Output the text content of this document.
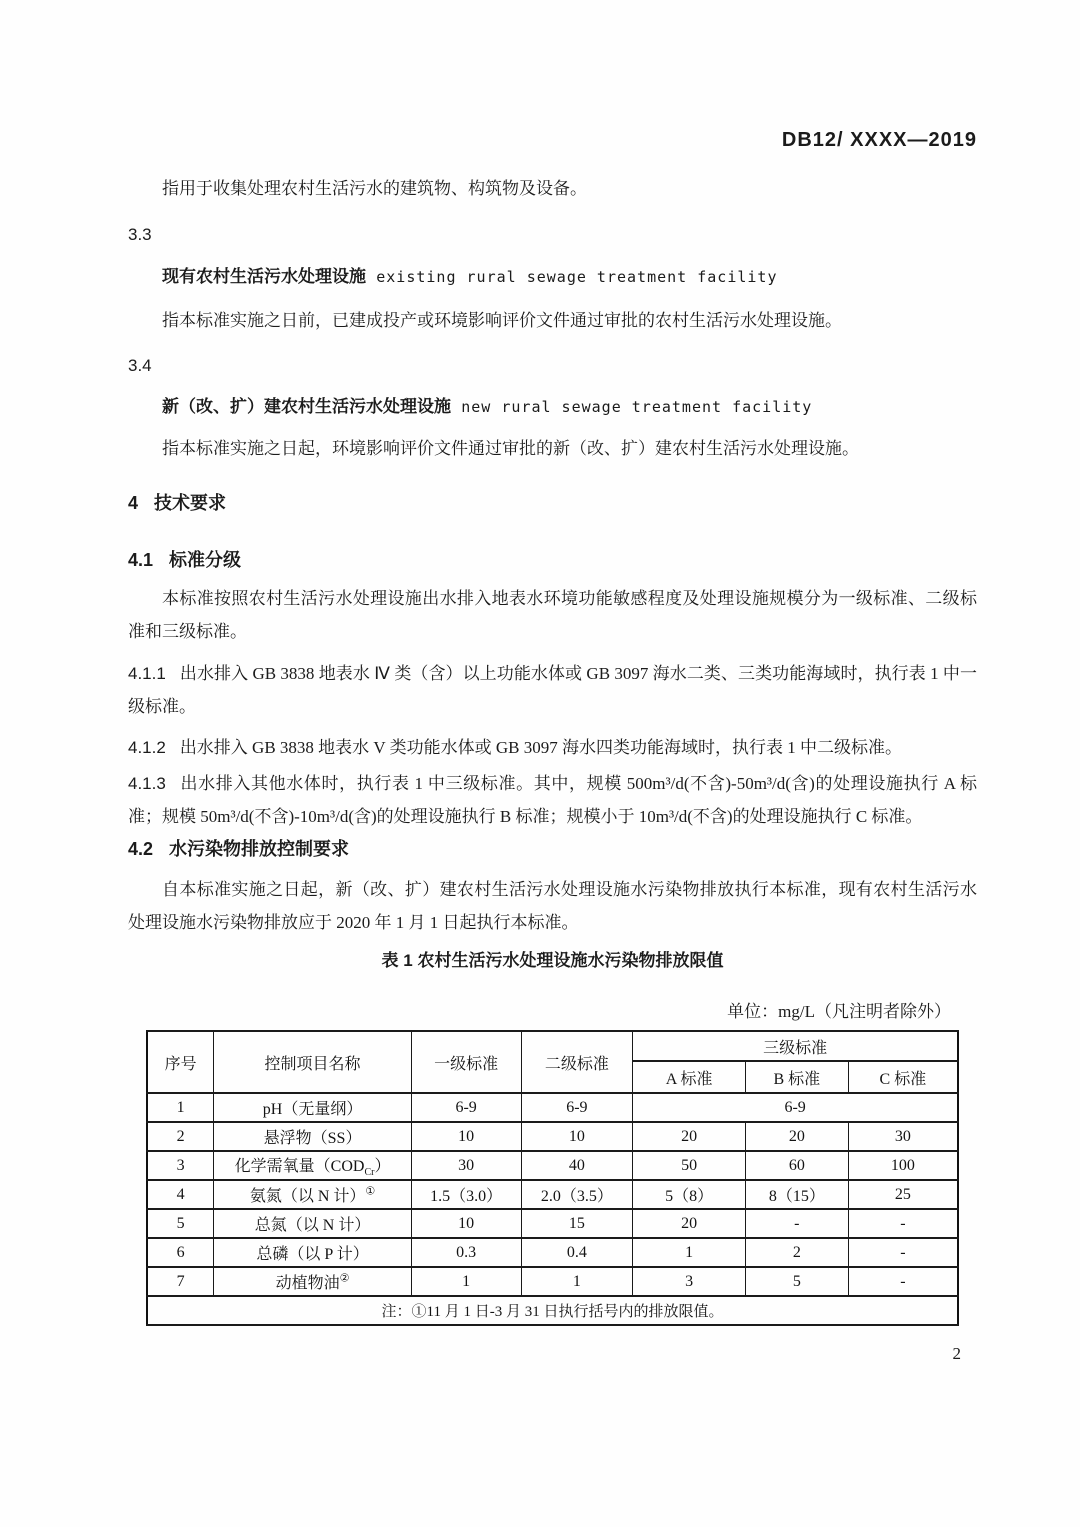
DB12/ XXXX—2019

指用于收集处理农村生活污水的建筑物、构筑物及设备。

3.3
现有农村生活污水处理设施 existing rural sewage treatment facility

指本标准实施之日前，已建成投产或环境影响评价文件通过审批的农村生活污水处理设施。

3.4
新（改、扩）建农村生活污水处理设施 new rural sewage treatment facility

指本标准实施之日起，环境影响评价文件通过审批的新（改、扩）建农村生活污水处理设施。

4 技术要求
4.1 标准分级

本标准按照农村生活污水处理设施出水排入地表水环境功能敏感程度及处理设施规模分为一级标准、二级标准和三级标准。

4.1.1 出水排入 GB 3838 地表水 Ⅳ 类（含）以上功能水体或 GB 3097 海水二类、三类功能海域时，执行表 1 中一级标准。

4.1.2 出水排入 GB 3838 地表水 V 类功能水体或 GB 3097 海水四类功能海域时，执行表 1 中二级标准。

4.1.3 出水排入其他水体时，执行表 1 中三级标准。其中，规模 500m³/d(不含)-50m³/d(含)的处理设施执行 A 标准；规模 50m³/d(不含)-10m³/d(含)的处理设施执行 B 标准；规模小于 10m³/d(不含)的处理设施执行 C 标准。

4.2 水污染物排放控制要求

自本标准实施之日起，新（改、扩）建农村生活污水处理设施水污染物排放执行本标准，现有农村生活污水处理设施水污染物排放应于 2020 年 1 月 1 日起执行本标准。

表 1 农村生活污水处理设施水污染物排放限值
单位：mg/L（凡注明者除外）
序号	控制项目名称	一级标准	二级标准	三级标准		
				A 标准	B 标准	C 标准
1	pH（无量纲）	6-9	6-9	6-9		
2	悬浮物（SS）	10	10	20	20	30
3	化学需氧量$(COD_{Cr})$	30	40	50	60	100
4	氨氮（以 N 计）①	1.5（3.0）	2.0（3.5）	5（8）	8（15）	25
5	总氮（以 N 计）	10	15	20	-	-
6	总磷（以 P 计）	0.3	0.4	1	2	-
7	动植物油②	1	1	3	5	-
注：①11 月 1 日-3 月 31 日执行括号内的排放限值。						
2
